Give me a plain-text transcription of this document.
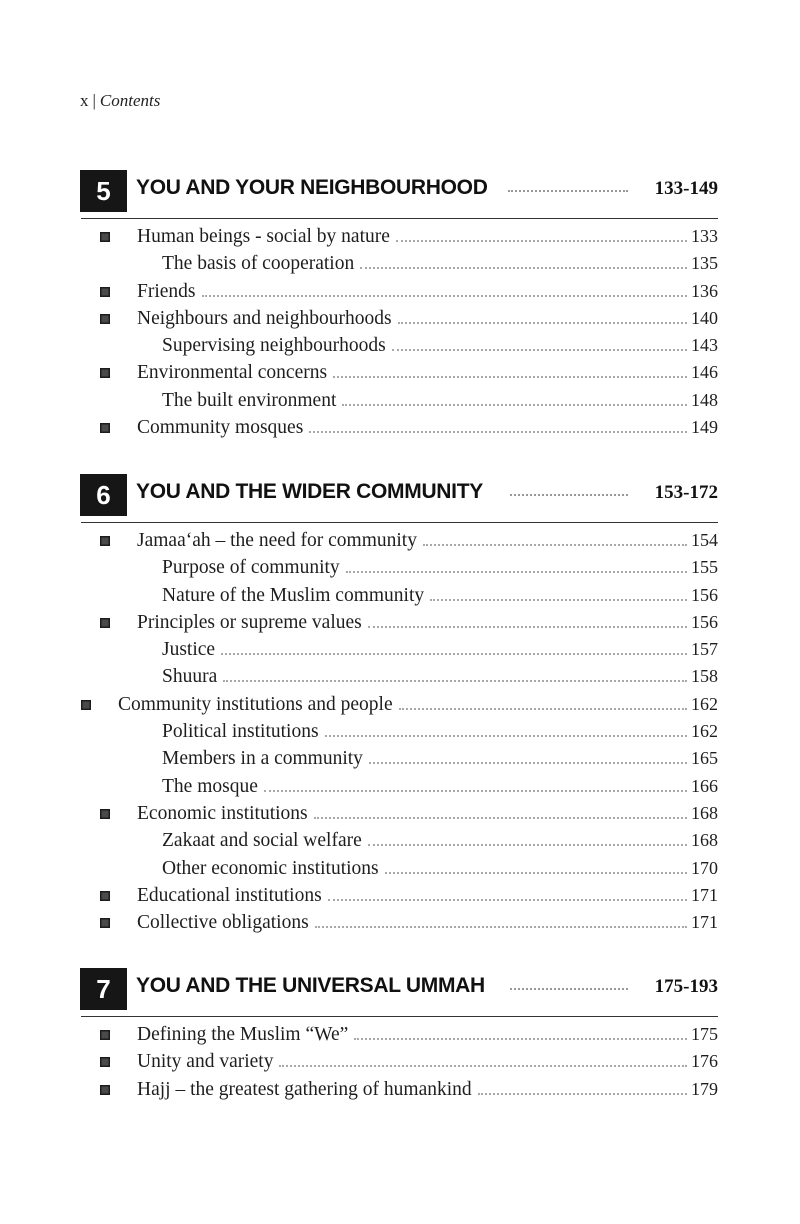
x | Contents
5	YOU AND YOUR NEIGHBOURHOOD	133-149
Human beings - social by nature	133
The basis of cooperation	135
Friends	136
Neighbours and neighbourhoods	140
Supervising neighbourhoods	143
Environmental concerns	146
The built environment	148
Community mosques	149
6	YOU AND THE WIDER COMMUNITY	153-172
Jamaa‘ah – the need for community	154
Purpose of community	155
Nature of the Muslim community	156
Principles or supreme values	156
Justice	157
Shuura	158
Community institutions and people	162
Political institutions	162
Members in a community	165
The mosque	166
Economic institutions	168
Zakaat and social welfare	168
Other economic institutions	170
Educational institutions	171
Collective obligations	171
7	YOU AND THE UNIVERSAL UMMAH	175-193
Defining the Muslim “We”	175
Unity and variety	176
Hajj – the greatest gathering of humankind	179
